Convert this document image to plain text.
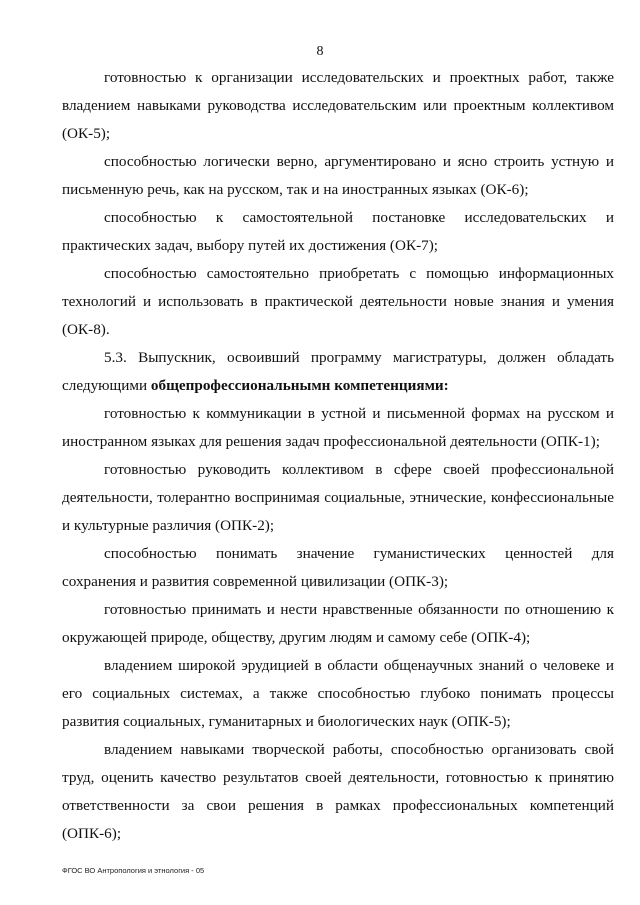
8

готовностью к организации исследовательских и проектных работ, также владением навыками руководства исследовательским или проектным коллективом (ОК-5);

способностью логически верно, аргументировано и ясно строить устную и письменную речь, как на русском, так и на иностранных языках (ОК-6);

способностью к самостоятельной постановке исследовательских и практических задач, выбору путей их достижения (ОК-7);

способностью самостоятельно приобретать с помощью информационных технологий и использовать в практической деятельности новые знания и умения (ОК-8).

5.3. Выпускник, освоивший программу магистратуры, должен обладать следующими общепрофессиональнымн компетенциями:

готовностью к коммуникации в устной и письменной формах на русском и иностранном языках для решения задач профессиональной деятельности (ОПК-1);

готовностью руководить коллективом в сфере своей профессиональной деятельности, толерантно воспринимая социальные, этнические, конфессиональные и культурные различия (ОПК-2);

способностью понимать значение гуманистических ценностей для сохранения и развития современной цивилизации (ОПК-3);

готовностью принимать и нести нравственные обязанности по отношению к окружающей природе, обществу, другим людям и самому себе (ОПК-4);

владением широкой эрудицией в области общенаучных знаний о человеке и его социальных системах, а также способностью глубоко понимать процессы развития социальных, гуманитарных и биологических наук (ОПК-5);

владением навыками творческой работы, способностью организовать свой труд, оценить качество результатов своей деятельности, готовностью к принятию ответственности за свои решения в рамках профессиональных компетенций (ОПК-6);

ФГОС ВО Антропология и этнология - 05
